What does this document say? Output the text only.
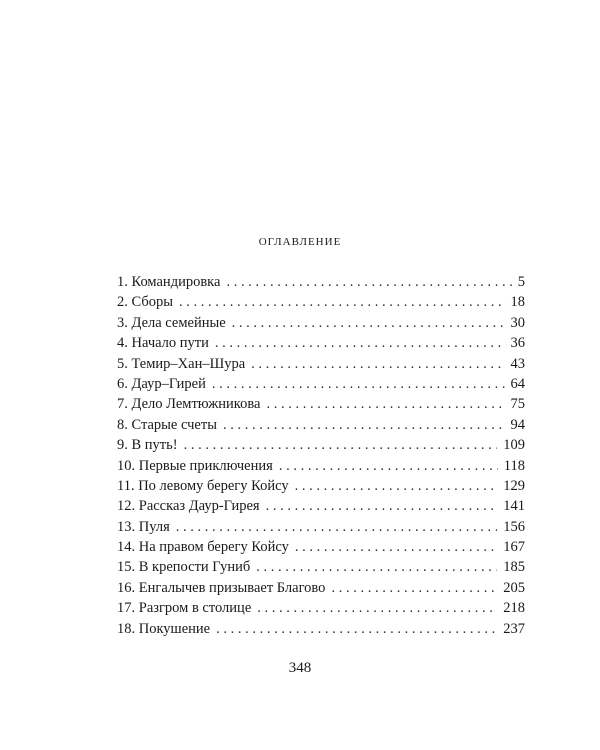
оглавление
1. Командировка . . .	5
2. Сборы . . .	18
3. Дела семейные . . .	30
4. Начало пути . . .	36
5. Темир–Хан–Шура . . .	43
6. Даур–Гирей . . .	64
7. Дело Лемтюжникова . . .	75
8. Старые счеты . . .	94
9. В путь! . . .	109
10. Первые приключения . . .	118
11. По левому берегу Койсу . . .	129
12. Рассказ Даур-Гирея . . .	141
13. Пуля . . .	156
14. На правом берегу Койсу . . .	167
15. В крепости Гуниб . . .	185
16. Енгалычев призывает Благово . . .	205
17. Разгром в столице . . .	218
18. Покушение . . .	237
348
